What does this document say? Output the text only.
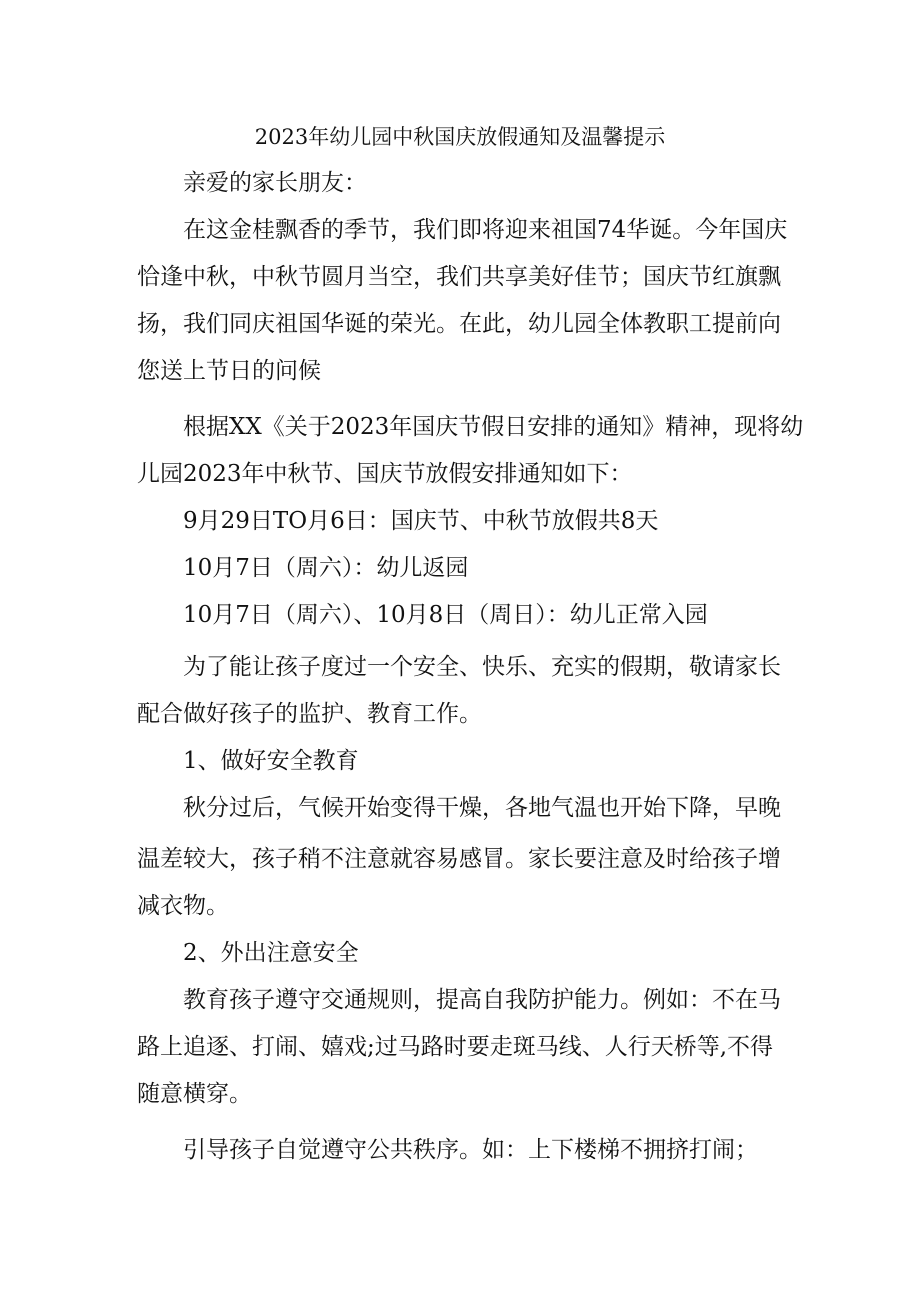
2023年幼儿园中秋国庆放假通知及温馨提示
亲爱的家长朋友：
在这金桂飘香的季节，我们即将迎来祖国74华诞。今年国庆
恰逢中秋，中秋节圆月当空，我们共享美好佳节；国庆节红旗飘
扬，我们同庆祖国华诞的荣光。在此，幼儿园全体教职工提前向
您送上节日的问候
根据XX《关于2023年国庆节假日安排的通知》精神，现将幼
儿园2023年中秋节、国庆节放假安排通知如下：
9月29日TO月6日：国庆节、中秋节放假共8天
10月7日（周六）：幼儿返园
10月7日（周六）、10月8日（周日）：幼儿正常入园
为了能让孩子度过一个安全、快乐、充实的假期，敬请家长
配合做好孩子的监护、教育工作。
1、做好安全教育
秋分过后，气候开始变得干燥，各地气温也开始下降，早晚
温差较大，孩子稍不注意就容易感冒。家长要注意及时给孩子增
减衣物。
2、外出注意安全
教育孩子遵守交通规则，提高自我防护能力。例如：不在马
路上追逐、打闹、嬉戏;过马路时要走斑马线、人行天桥等,不得
随意横穿。
引导孩子自觉遵守公共秩序。如：上下楼梯不拥挤打闹；
